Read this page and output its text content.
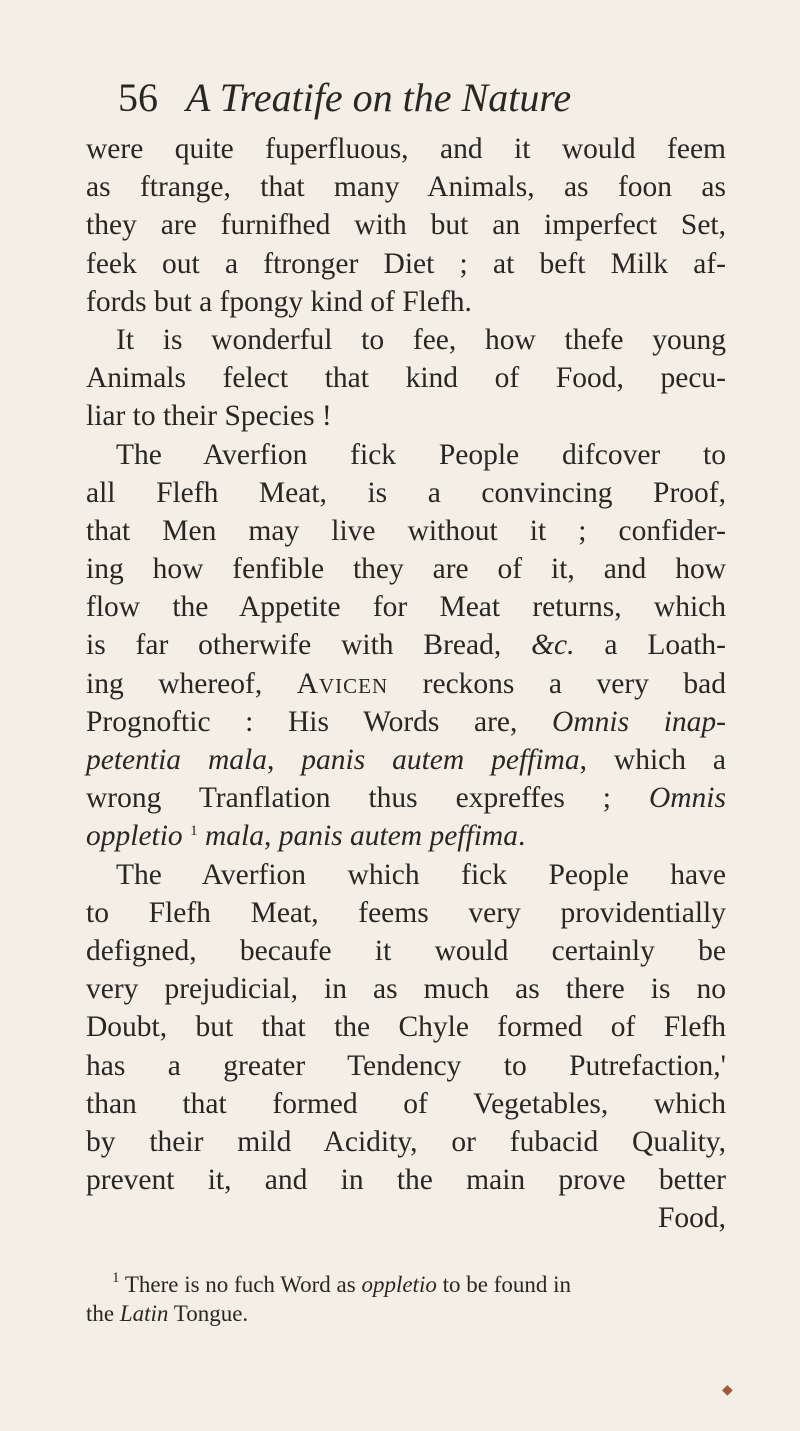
56 A Treatife on the Nature
were quite fuperfluous, and it would feem
as ftrange, that many Animals, as foon as
they are furnifhed with but an imperfect Set,
feek out a ftronger Diet ; at beft Milk af-
fords but a fpongy kind of Flefh.
It is wonderful to fee, how thefe young
Animals felect that kind of Food, pecu-
liar to their Species !
The Averfion fick People difcover to
all Flefh Meat, is a convincing Proof,
that Men may live without it ; confider-
ing how fenfible they are of it, and how
flow the Appetite for Meat returns, which
is far otherwife with Bread, &c. a Loath-
ing whereof, Avicen reckons a very bad
Prognoftic : His Words are, Omnis inap-
petentia mala, panis autem peffima, which a
wrong Tranflation thus expreffes ; Omnis
oppletio $^1$ mala, panis autem peffima.
The Averfion which fick People have
to Flefh Meat, feems very providentially
defigned, becaufe it would certainly be
very prejudicial, in as much as there is no
Doubt, but that the Chyle formed of Flefh
has a greater Tendency to Putrefaction,'
than that formed of Vegetables, which
by their mild Acidity, or fubacid Quality,
prevent it, and in the main prove better
Food,
$^1$ There is no fuch Word as oppletio to be found in
the Latin Tongue.
◆
